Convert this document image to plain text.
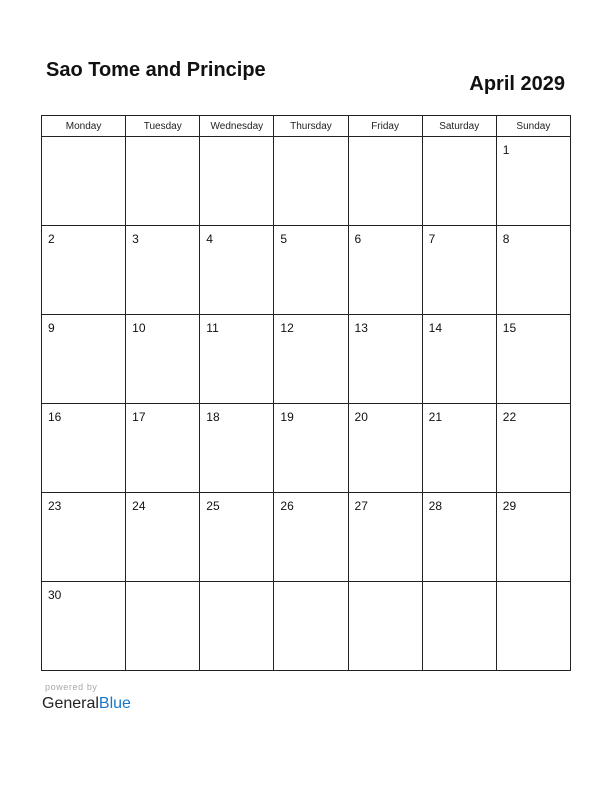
Sao Tome and Principe
April 2029
Monday	Tuesday	Wednesday	Thursday	Friday	Saturday	Sunday

						1

2	3	4	5	6	7	8

9	10	11	12	13	14	15

16	17	18	19	20	21	22

23	24	25	26	27	28	29

30						

powered by
GeneralBlue
